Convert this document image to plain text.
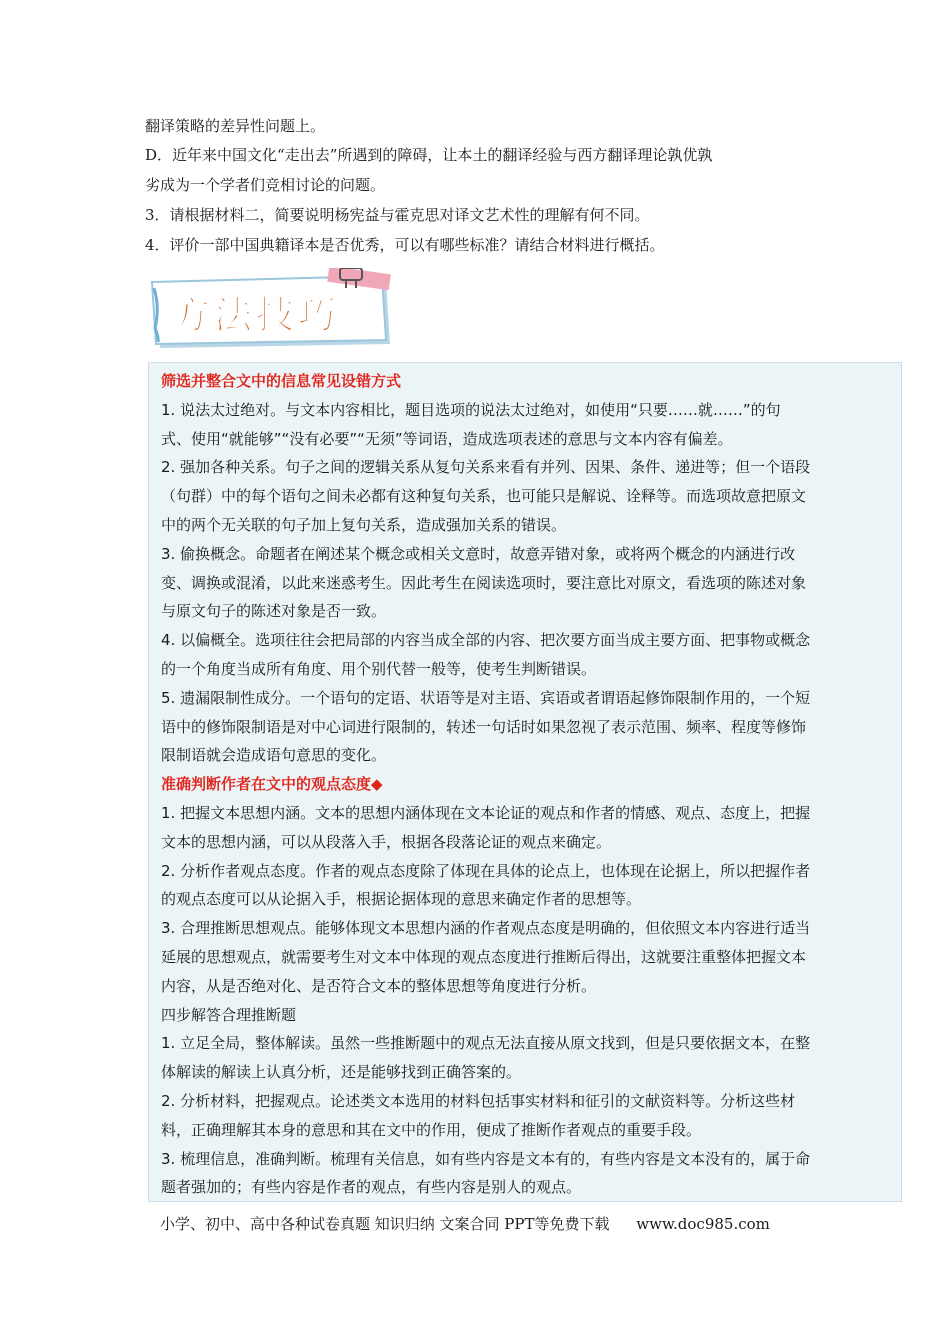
翻译策略的差异性问题上。
D．近年来中国文化“走出去”所遇到的障碍，让本土的翻译经验与西方翻译理论孰优孰
劣成为一个学者们竞相讨论的问题。
3．请根据材料二，简要说明杨宪益与霍克思对译文艺术性的理解有何不同。
4．评价一部中国典籍译本是否优秀，可以有哪些标准？请结合材料进行概括。
方法技巧
筛选并整合文中的信息常见设错方式
1. 说法太过绝对。与文本内容相比，题目选项的说法太过绝对，如使用“只要……就……”的句
式、使用“就能够”“没有必要”“无须”等词语，造成选项表述的意思与文本内容有偏差。
2. 强加各种关系。句子之间的逻辑关系从复句关系来看有并列、因果、条件、递进等；但一个语段
（句群）中的每个语句之间未必都有这种复句关系，也可能只是解说、诠释等。而选项故意把原文
中的两个无关联的句子加上复句关系，造成强加关系的错误。
3. 偷换概念。命题者在阐述某个概念或相关文意时，故意弄错对象，或将两个概念的内涵进行改
变、调换或混淆，以此来迷惑考生。因此考生在阅读选项时，要注意比对原文，看选项的陈述对象
与原文句子的陈述对象是否一致。
4. 以偏概全。选项往往会把局部的内容当成全部的内容、把次要方面当成主要方面、把事物或概念
的一个角度当成所有角度、用个别代替一般等，使考生判断错误。
5. 遗漏限制性成分。一个语句的定语、状语等是对主语、宾语或者谓语起修饰限制作用的，一个短
语中的修饰限制语是对中心词进行限制的，转述一句话时如果忽视了表示范围、频率、程度等修饰
限制语就会造成语句意思的变化。
准确判断作者在文中的观点态度◆
1. 把握文本思想内涵。文本的思想内涵体现在文本论证的观点和作者的情感、观点、态度上，把握
文本的思想内涵，可以从段落入手，根据各段落论证的观点来确定。
2. 分析作者观点态度。作者的观点态度除了体现在具体的论点上，也体现在论据上，所以把握作者
的观点态度可以从论据入手，根据论据体现的意思来确定作者的思想等。
3. 合理推断思想观点。能够体现文本思想内涵的作者观点态度是明确的，但依照文本内容进行适当
延展的思想观点，就需要考生对文本中体现的观点态度进行推断后得出，这就要注重整体把握文本
内容，从是否绝对化、是否符合文本的整体思想等角度进行分析。
四步解答合理推断题
1. 立足全局，整体解读。虽然一些推断题中的观点无法直接从原文找到，但是只要依据文本，在整
体解读的解读上认真分析，还是能够找到正确答案的。
2. 分析材料，把握观点。论述类文本选用的材料包括事实材料和征引的文献资料等。分析这些材
料，正确理解其本身的意思和其在文中的作用，便成了推断作者观点的重要手段。
3. 梳理信息，准确判断。梳理有关信息，如有些内容是文本有的，有些内容是文本没有的，属于命
题者强加的；有些内容是作者的观点，有些内容是别人的观点。
小学、初中、高中各种试卷真题 知识归纳 文案合同 PPT等免费下载 www.doc985.com
